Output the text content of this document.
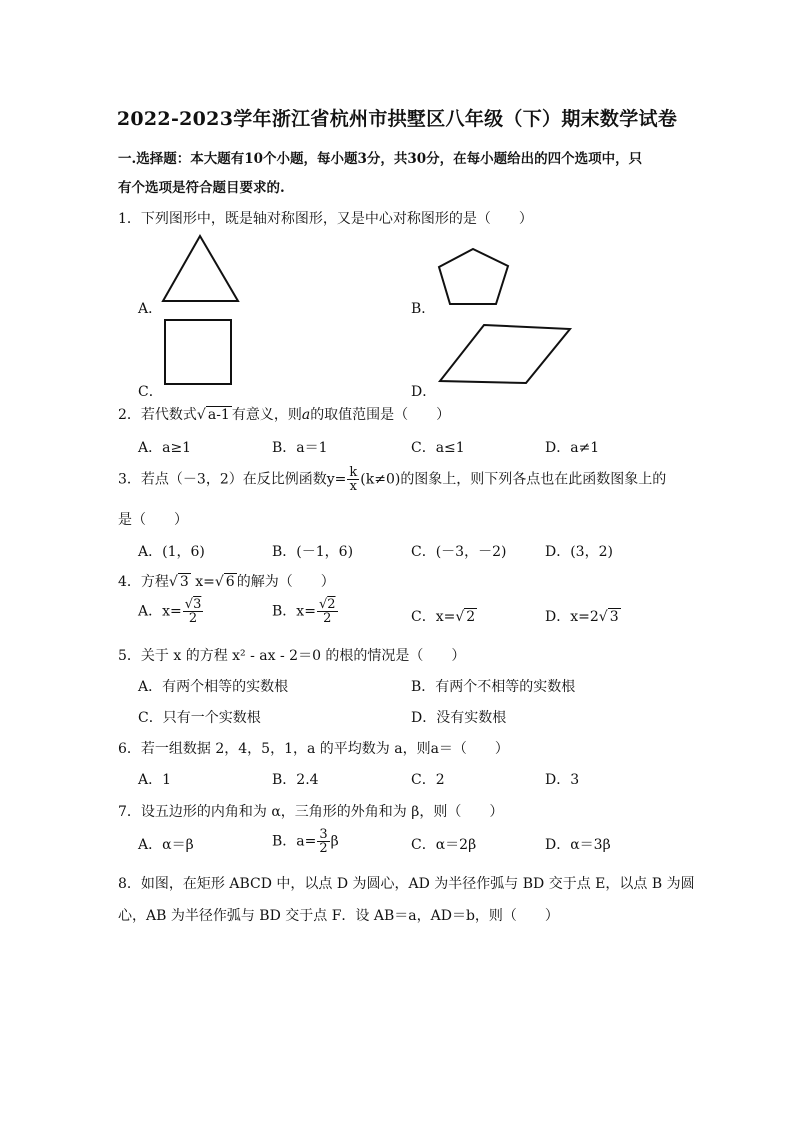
2022-2023学年浙江省杭州市拱墅区八年级（下）期末数学试卷
一.选择题：本大题有10个小题，每小题3分，共30分，在每小题给出的四个选项中，只
有个选项是符合题目要求的.
1．下列图形中，既是轴对称图形，又是中心对称图形的是（　　）
A．	B．
C．	D．
2．若代数式√ a-1 有意义，则a的取值范围是（　　）
A．a≥1	B．a＝1	C．a≤1	D．a≠1
3．若点（－3，2）在反比例函数$y= \frac{k}{x} (k\ne 0)$的图象上，则下列各点也在此函数图象上的
是（　　）
A．(1，6)	B．(－1，6)	C．(－3，－2)	D．(3，2)
4．方程√ 3 x=√ 6 的解为（　　）
A．$x= \frac{√3}{2}$	B．$x= \frac{√2}{2}$	C．x=√ 2	D．x=2√ 3
5．关于 x 的方程 x² - ax - 2＝0 的根的情况是（　　）
A．有两个相等的实数根	B．有两个不相等的实数根
C．只有一个实数根	D．没有实数根
6．若一组数据 2，4，5，1，a 的平均数为 a，则a＝（　　）
A．1	B．2.4	C．2	D．3
7．设五边形的内角和为 α，三角形的外角和为 β，则（　　）
A．α＝β	B．$a= \frac{3}{2}$ β	C．α＝2β	D．α＝3β
8．如图，在矩形 ABCD 中，以点 D 为圆心，AD 为半径作弧与 BD 交于点 E，以点 B 为圆
心，AB 为半径作弧与 BD 交于点 F．设 AB＝a，AD＝b，则（　　）
